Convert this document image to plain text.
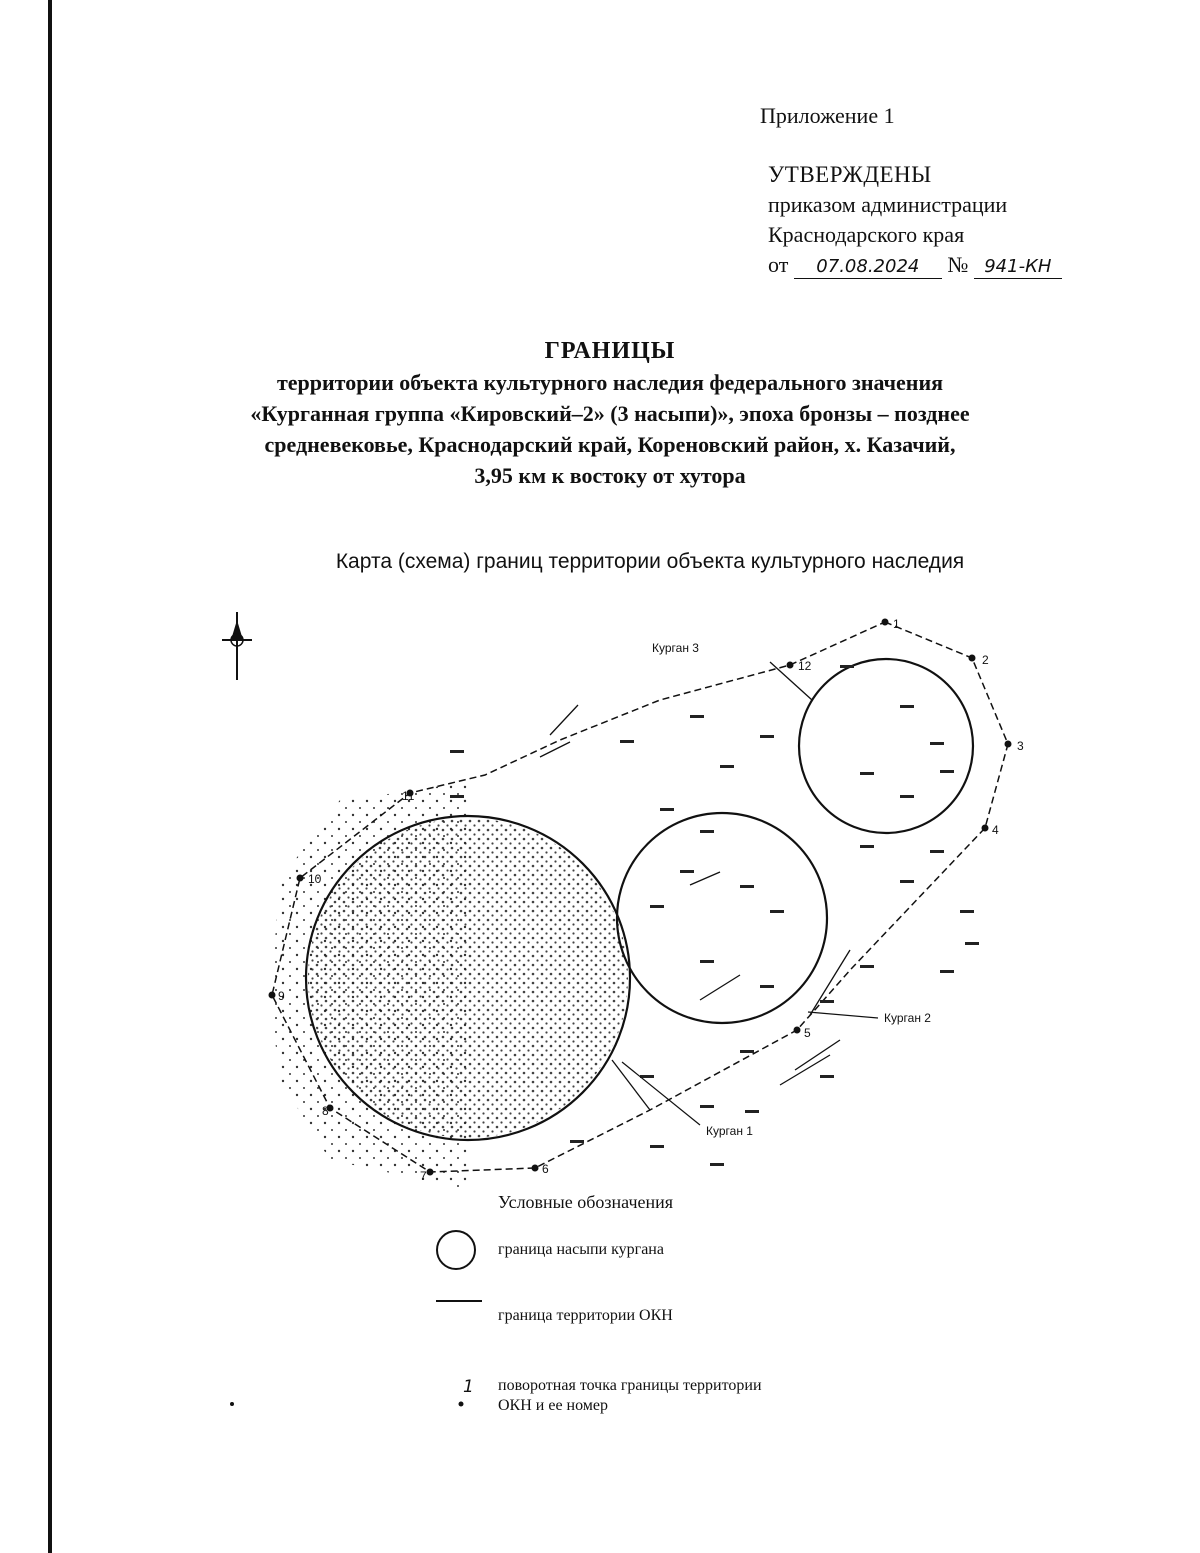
Приложение 1
УТВЕРЖДЕНЫ
приказом администрации
Краснодарского края
от 07.08.2024 № 941-КН
ГРАНИЦЫ
территории объекта культурного наследия федерального значения
«Курганная группа «Кировский–2» (3 насыпи)», эпоха бронзы – позднее
средневековье, Краснодарский край, Кореновский район, х. Казачий,
3,95 км к востоку от хутора
Карта (схема) границ территории объекта культурного наследия
1
2
3
4
5
6
7
8
9
10
11
12
Курган 3
Курган 2
Курган 1
1
Условные обозначения
граница насыпи кургана
граница территории ОКН
поворотная точка границы территории
ОКН и ее номер
